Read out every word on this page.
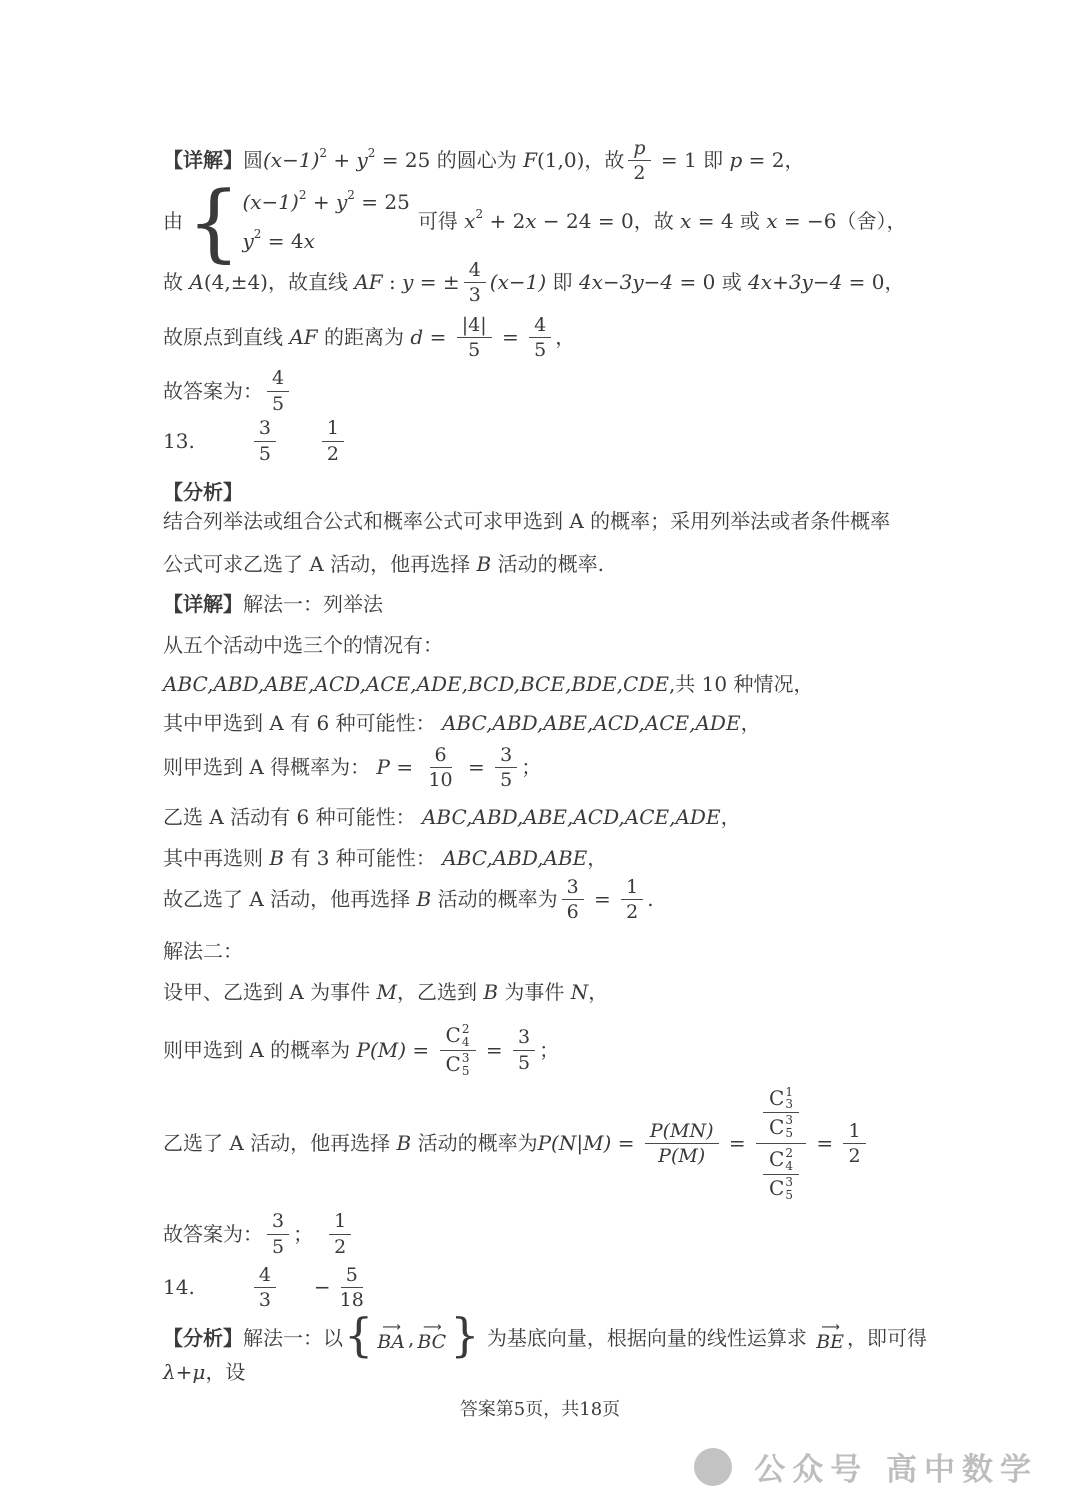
【详解】 圆 (x−1) 2 + y 2 = 25 的圆心为 F (1,0) ，故 $\frac{p}{2} = 1$ 即 p = 2 ，
由 { (x−1) 2 + y 2 = 25
y 2 = 4 x
可得 x 2 + 2 x − 24 = 0 ，故 x = 4 或 x = −6 （舍），
故 A (4,±4) ，故直线 AF : y = ± $\frac{4}{3} (x-1)$ 即 4x−3y−4 = 0 或 4x+3y−4 = 0 ，
故原点到直线 AF 的距离为 $d = \frac{|4|}{5} = \frac{4}{5}$ ，
故答案为： $\frac{4}{5}$
13.	$\frac{3}{5} \frac{1}{2}$
【分析】
结合列举法或组合公式和概率公式可求甲选到 A 的概率；采用列举法或者条件概率
公式可求乙选了 A 活动，他再选择 B 活动的概率.
【详解】 解法一：列举法
从五个活动中选三个的情况有：
ABC,ABD,ABE,ACD,ACE,ADE,BCD,BCE,BDE,CDE ,共 10 种情况，
其中甲选到 A 有 6 种可能性： ABC,ABD,ABE,ACD,ACE,ADE ，
则甲选到 A 得概率为： $P = \frac{6}{10} = \frac{3}{5}$ ；
乙选 A 活动有 6 种可能性： ABC,ABD,ABE,ACD,ACE,ADE ，
其中再选则 B 有 3 种可能性： ABC,ABD,ABE ，
故乙选了 A 活动，他再选择 B 活动的概率为 $\frac{3}{6} = \frac{1}{2}$ .
解法二：
设甲、乙选到 A 为事件 M ，乙选到 B 为事件 N ，
则甲选到 A 的概率为 P(M) = C 2
4
C 3
$5 = \frac{3}{5}$ ；
乙选了 A 活动，他再选择 B 活动的概率为 $P(N|M) = \frac{P(MN)}{P(M)} = C$ 1
3
C 3
5
C 2
4
C 3
$5 = \frac{1}{2}$
故答案为： $\frac{3}{5}$ ； $\frac{1}{2}$
14.	$\frac{4}{3} - \frac{5}{18}$
【分析】 解法一：以 { ⟶
BA , ⟶
BC } 为基底向量，根据向量的线性运算求 ⟶
BE ，即可得
λ+μ ，设
答案第5页，共18页
公众号 高中数学
